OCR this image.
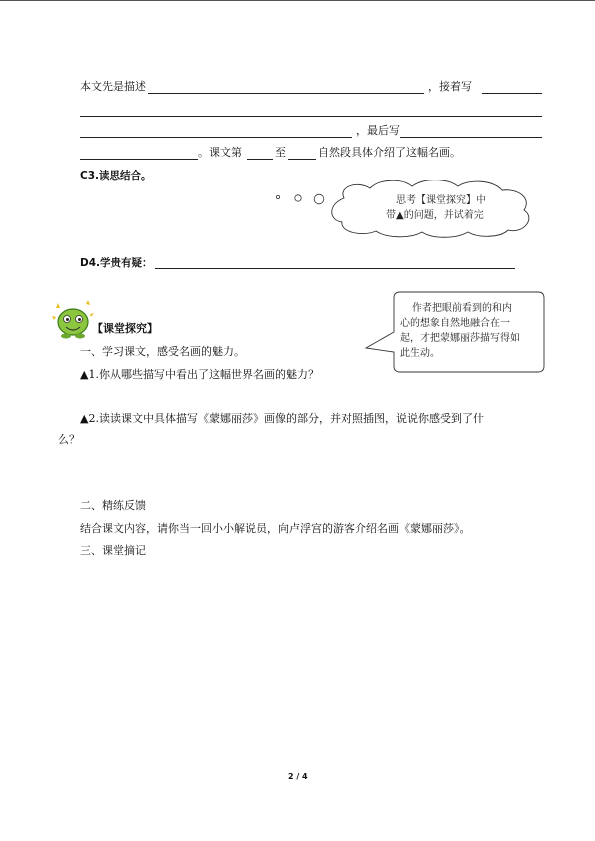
本文先是描述	，接着写
，最后写
。课文第	至	自然段具体介绍了这幅名画。
C3.读思结合。
思考【课堂探究】中
带▲的问题，并试着完
D4.学贵有疑：
作者把眼前看到的和内
心的想象自然地融合在一
起，才把蒙娜丽莎描写得如
此生动。
【课堂探究】
一、学习课文，感受名画的魅力。
▲1.你从哪些描写中看出了这幅世界名画的魅力？
▲2.读读课文中具体描写《蒙娜丽莎》画像的部分，并对照插图，说说你感受到了什
么？
二、精练反馈
结合课文内容，请你当一回小小解说员，向卢浮宫的游客介绍名画《蒙娜丽莎》。
三、课堂摘记
2 / 4
